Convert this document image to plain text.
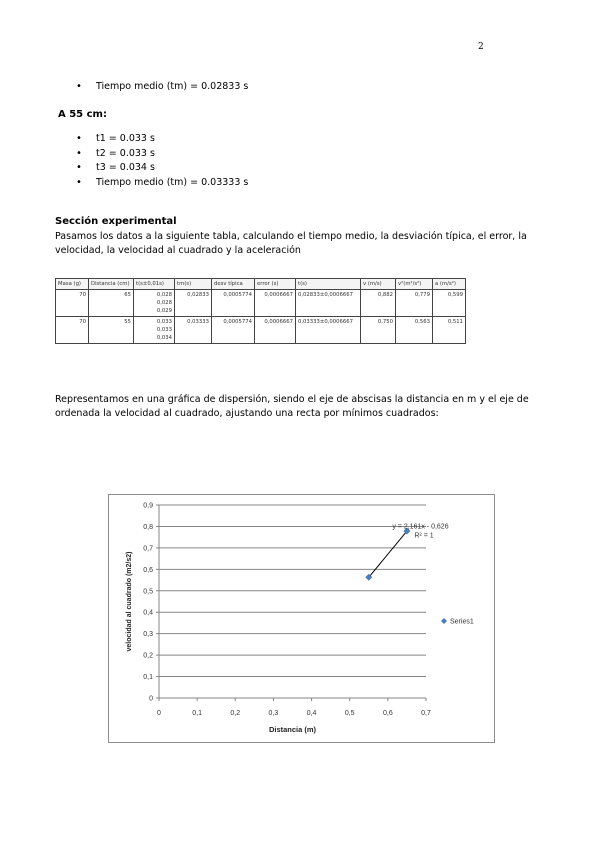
2
• Tiempo medio (tm) = 0.02833 s
A 55 cm:
• t1 = 0.033 s
• t2 = 0.033 s
• t3 = 0.034 s
• Tiempo medio (tm) = 0.03333 s
Sección experimental
Pasamos los datos a la siguiente tabla, calculando el tiempo medio, la desviación típica, el error, la velocidad, la velocidad al cuadrado y la aceleración
Masa (g)	Distancia (cm)	t(s±0,01s)	tm(s)	desv típica	error (s)	t(s)	v (m/s)	v²(m²/s²)	a (m/s²)
70	65	0,028
0,028
0,029	0,02833	0,0005774	0,0006667	0,02833±0,0006667	0,882	0,779	0,599
70	55	0,033
0,033
0,034	0,03333	0,0005774	0,0006667	0,03333±0,0006667	0,750	0,563	0,511
Representamos en una gráfica de dispersión, siendo el eje de abscisas la distancia en m y el eje de ordenada la velocidad al cuadrado, ajustando una recta por mínimos cuadrados:
0
0,1
0,2
0,3
0,4
0,5
0,6
0,7
0,8
0,9
0	0,1	0,2	0,3	0,4	0,5	0,6	0,7
y = 2,161x - 0,626
R² = 1
velocidad al cuadrado (m2/s2)
Distancia (m)
Series1
